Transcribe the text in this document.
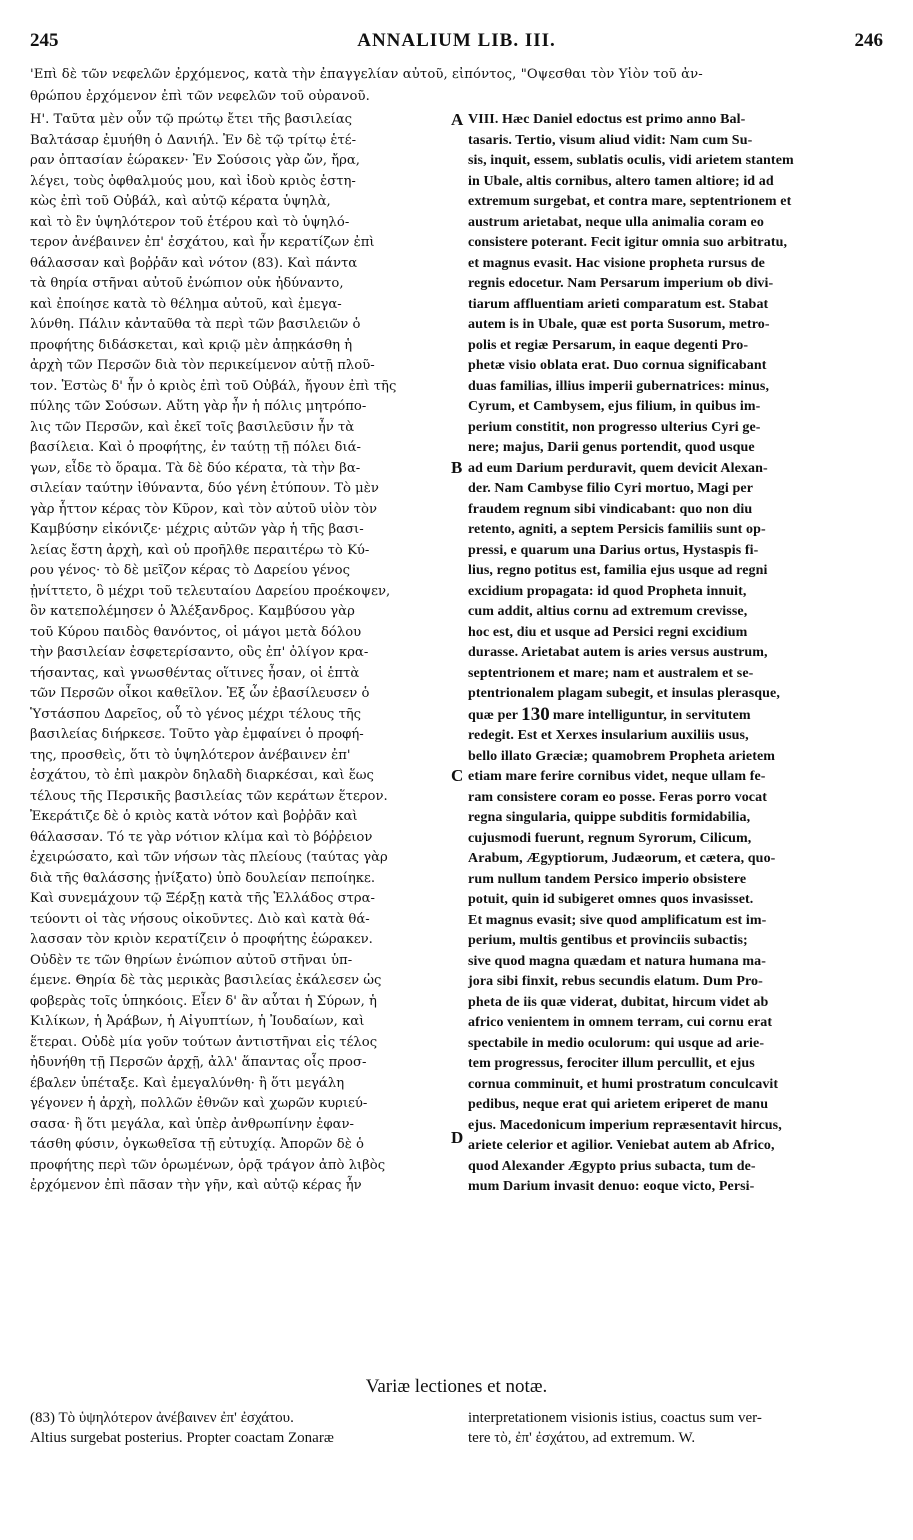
245	ANNALIUM LIB. III.	246

'Επὶ δὲ τῶν νεφελῶν ἐρχόμενος, κατὰ τὴν ἐπαγγελίαν αὐτοῦ, εἰπόντος, "Οψεσθαι τὸν Υἱὸν τοῦ ἀν-

θρώπου ἐρχόμενον ἐπὶ τῶν νεφελῶν τοῦ οὐρανοῦ.

Η'. Ταῦτα μὲν οὖν τῷ πρώτῳ ἔτει τῆς βασιλείας

Βαλτάσαρ ἐμυήθη ὁ Δανιήλ. Ἐν δὲ τῷ τρίτῳ ἑτέ-

ραν ὀπτασίαν ἑώρακεν· Ἐν Σούσοις γὰρ ὤν, ἤρα,

λέγει, τοὺς ὀφθαλμούς μου, καὶ ἰδοὺ κριὸς ἑστη-

κὼς ἐπὶ τοῦ Οὐβάλ, καὶ αὐτῷ κέρατα ὑψηλὰ,

καὶ τὸ ἓν ὑψηλότερον τοῦ ἑτέρου καὶ τὸ ὑψηλό-

τερον ἀνέβαινεν ἐπ' ἐσχάτου, καὶ ἦν κερατίζων ἐπὶ

θάλασσαν καὶ βοῤῥᾶν καὶ νότον (83). Καὶ πάντα

τὰ θηρία στῆναι αὐτοῦ ἐνώπιον οὐκ ἠδύναντο,

καὶ ἐποίησε κατὰ τὸ θέλημα αὐτοῦ, καὶ ἐμεγα-

λύνθη. Πάλιν κἀνταῦθα τὰ περὶ τῶν βασιλειῶν ὁ

προφήτης διδάσκεται, καὶ κριῷ μὲν ἀπῃκάσθη ἡ

ἀρχὴ τῶν Περσῶν διὰ τὸν περικείμενον αὐτῇ πλοῦ-

τον. Ἑστὼς δ' ἦν ὁ κριὸς ἐπὶ τοῦ Οὐβάλ, ἤγουν ἐπὶ τῆς

πύλης τῶν Σούσων. Αὕτη γὰρ ἦν ἡ πόλις μητρόπο-

λις τῶν Περσῶν, καὶ ἐκεῖ τοῖς βασιλεῦσιν ἦν τὰ

βασίλεια. Καὶ ὁ προφήτης, ἐν ταύτῃ τῇ πόλει διά-

γων, εἶδε τὸ ὅραμα. Τὰ δὲ δύο κέρατα, τὰ τὴν βα-

σιλείαν ταύτην ἰθύναντα, δύο γένη ἐτύπουν. Τὸ μὲν

γὰρ ἧττον κέρας τὸν Κῦρον, καὶ τὸν αὐτοῦ υἱὸν τὸν

Καμβύσην εἰκόνιζε· μέχρις αὐτῶν γὰρ ἡ τῆς βασι-

λείας ἔστη ἀρχὴ, καὶ οὐ προῆλθε περαιτέρω τὸ Κύ-

ρου γένος· τὸ δὲ μεῖζον κέρας τὸ Δαρείου γένος

ᾐνίττετο, ὃ μέχρι τοῦ τελευταίου Δαρείου προέκοψεν,

ὃν κατεπολέμησεν ὁ Ἀλέξανδρος. Καμβύσου γὰρ

τοῦ Κύρου παιδὸς θανόντος, οἱ μάγοι μετὰ δόλου

τὴν βασιλείαν ἐσφετερίσαντο, οὓς ἐπ' ὀλίγον κρα-

τήσαντας, καὶ γνωσθέντας οἵτινες ἦσαν, οἱ ἑπτὰ

τῶν Περσῶν οἶκοι καθεῖλον. Ἐξ ὧν ἐβασίλευσεν ὁ

Ὑστάσπου Δαρεῖος, οὗ τὸ γένος μέχρι τέλους τῆς

βασιλείας διήρκεσε. Τοῦτο γὰρ ἐμφαίνει ὁ προφή-

της, προσθεὶς, ὅτι τὸ ὑψηλότερον ἀνέβαινεν ἐπ'

ἐσχάτου, τὸ ἐπὶ μακρὸν δηλαδὴ διαρκέσαι, καὶ ἕως

τέλους τῆς Περσικῆς βασιλείας τῶν κεράτων ἕτερον.

Ἐκεράτιζε δὲ ὁ κριὸς κατὰ νότον καὶ βοῤῥᾶν καὶ

θάλασσαν. Τό τε γὰρ νότιον κλίμα καὶ τὸ βόῤῥειον

ἐχειρώσατο, καὶ τῶν νήσων τὰς πλείους (ταύτας γὰρ

διὰ τῆς θαλάσσης ᾐνίξατο) ὑπὸ δουλείαν πεποίηκε.

Καὶ συνεμάχουν τῷ Ξέρξῃ κατὰ τῆς Ἑλλάδος στρα-

τεύοντι οἱ τὰς νήσους οἰκοῦντες. Διὸ καὶ κατὰ θά-

λασσαν τὸν κριὸν κερατίζειν ὁ προφήτης ἑώρακεν.

Οὐδὲν τε τῶν θηρίων ἐνώπιον αὐτοῦ στῆναι ὑπ-

έμενε. Θηρία δὲ τὰς μερικὰς βασιλείας ἐκάλεσεν ὡς

φοβερὰς τοῖς ὑπηκόοις. Εἶεν δ' ἂν αὗται ἡ Σύρων, ἡ

Κιλίκων, ἡ Ἀράβων, ἡ Αἰγυπτίων, ἡ Ἰουδαίων, καὶ

ἕτεραι. Οὐδὲ μία γοῦν τούτων ἀντιστῆναι εἰς τέλος

ἠδυνήθη τῇ Περσῶν ἀρχῇ, ἀλλ' ἅπαντας οἷς προσ-

έβαλεν ὑπέταξε. Καὶ ἐμεγαλύνθη· ἢ ὅτι μεγάλη

γέγονεν ἡ ἀρχὴ, πολλῶν ἐθνῶν καὶ χωρῶν κυριεύ-

σασα· ἢ ὅτι μεγάλα, καὶ ὑπὲρ ἀνθρωπίνην ἐφαν-

τάσθη φύσιν, ὀγκωθεῖσα τῇ εὐτυχίᾳ. Ἀπορῶν δὲ ὁ

προφήτης περὶ τῶν ὁρωμένων, ὁρᾷ τράγον ἀπὸ λιβὸς

ἐρχόμενον ἐπὶ πᾶσαν τὴν γῆν, καὶ αὐτῷ κέρας ἦν

VIII. Hæc Daniel edoctus est primo anno Bal-

tasaris. Tertio, visum aliud vidit: Nam cum Su-

sis, inquit, essem, sublatis oculis, vidi arietem stantem

in Ubale, altis cornibus, altero tamen altiore; id ad

extremum surgebat, et contra mare, septentrionem et

austrum arietabat, neque ulla animalia coram eo

consistere poterant. Fecit igitur omnia suo arbitratu,

et magnus evasit. Hac visione propheta rursus de

regnis edocetur. Nam Persarum imperium ob divi-

tiarum affluentiam arieti comparatum est. Stabat

autem is in Ubale, quæ est porta Susorum, metro-

polis et regiæ Persarum, in eaque degenti Pro-

phetæ visio oblata erat. Duo cornua significabant

duas familias, illius imperii gubernatrices: minus,

Cyrum, et Cambysem, ejus filium, in quibus im-

perium constitit, non progresso ulterius Cyri ge-

nere; majus, Darii genus portendit, quod usque

ad eum Darium perduravit, quem devicit Alexan-

der. Nam Cambyse filio Cyri mortuo, Magi per

fraudem regnum sibi vindicabant: quo non diu

retento, agniti, a septem Persicis familiis sunt op-

pressi, e quarum una Darius ortus, Hystaspis fi-

lius, regno potitus est, familia ejus usque ad regni

excidium propagata: id quod Propheta innuit,

cum addit, altius cornu ad extremum crevisse,

hoc est, diu et usque ad Persici regni excidium

durasse. Arietabat autem is aries versus austrum,

septentrionem et mare; nam et australem et se-

ptentrionalem plagam subegit, et insulas plerasque,

quæ per 130 mare intelliguntur, in servitutem

redegit. Est et Xerxes insularium auxiliis usus,

bello illato Græciæ; quamobrem Propheta arietem

etiam mare ferire cornibus videt, neque ullam fe-

ram consistere coram eo posse. Feras porro vocat

regna singularia, quippe subditis formidabilia,

cujusmodi fuerunt, regnum Syrorum, Cilicum,

Arabum, Ægyptiorum, Judæorum, et cætera, quo-

rum nullum tandem Persico imperio obsistere

potuit, quin id subigeret omnes quos invasisset.

Et magnus evasit; sive quod amplificatum est im-

perium, multis gentibus et provinciis subactis;

sive quod magna quædam et natura humana ma-

jora sibi finxit, rebus secundis elatum. Dum Pro-

pheta de iis quæ viderat, dubitat, hircum videt ab

africo venientem in omnem terram, cui cornu erat

spectabile in medio oculorum: qui usque ad arie-

tem progressus, ferociter illum percullit, et ejus

cornua comminuit, et humi prostratum conculcavit

pedibus, neque erat qui arietem eriperet de manu

ejus. Macedonicum imperium repræsentavit hircus,

ariete celerior et agilior. Veniebat autem ab Africo,

quod Alexander Ægypto prius subacta, tum de-

mum Darium invasit denuo: eoque victo, Persi-

A
B
C
D
Variæ lectiones et notæ.

(83) Τὸ ὑψηλότερον ἀνέβαινεν ἐπ' ἐσχάτου.

Altius surgebat posterius. Propter coactam Zonaræ

interpretationem visionis istius, coactus sum ver-

tere τὸ, ἐπ' ἐσχάτου, ad extremum. W.
